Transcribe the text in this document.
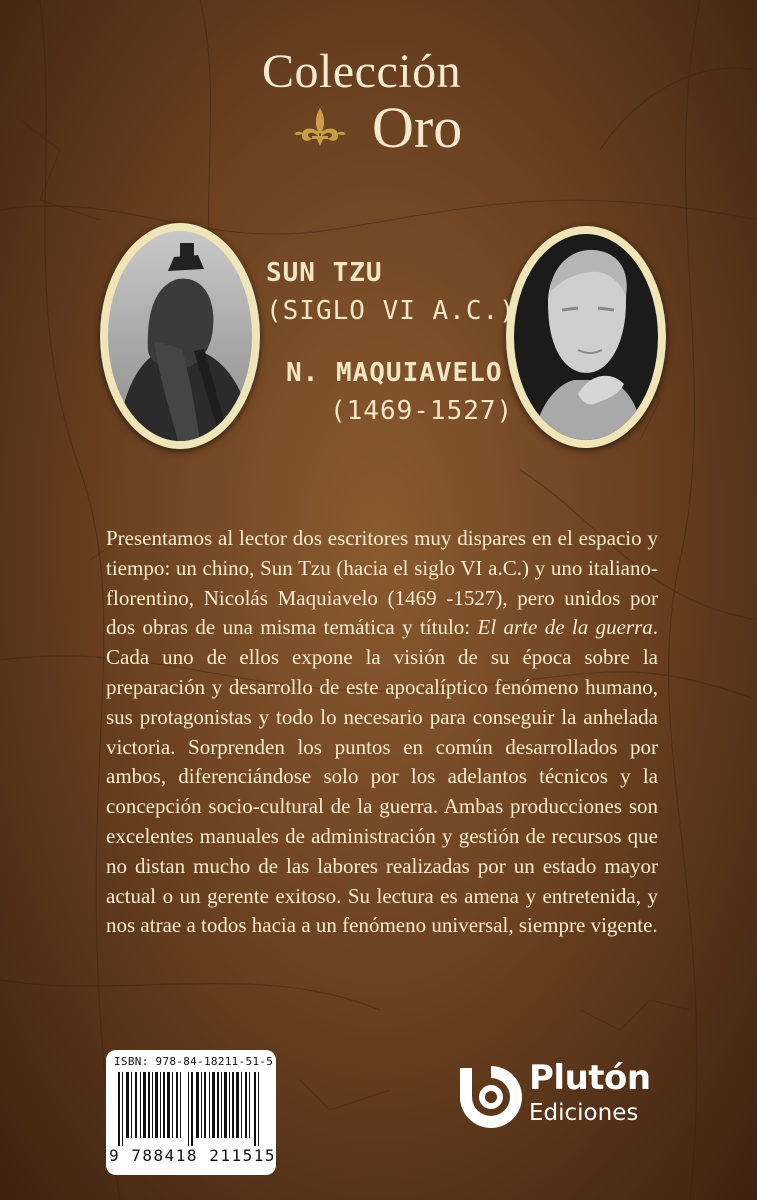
Colección
Oro
SUN TZU
(SIGLO VI A.C.)
N. MAQUIAVELO
(1469-1527)

Presentamos al lector dos escritores muy dispares en el espacio y tiempo: un chino, Sun Tzu (hacia el siglo VI a.C.) y uno italiano-florentino, Nicolás Maquiavelo (1469 -1527), pero unidos por dos obras de una misma temática y título: El arte de la guerra. Cada uno de ellos expone la visión de su época sobre la preparación y desarrollo de este apocalíptico fenómeno humano, sus protagonistas y todo lo necesario para conseguir la anhelada victoria. Sorprenden los puntos en común desarrollados por ambos, diferenciándose solo por los adelantos técnicos y la concepción socio-cultural de la guerra. Ambas producciones son excelentes manuales de administración y gestión de recursos que no distan mucho de las labores realizadas por un estado mayor actual o un gerente exitoso. Su lectura es amena y entretenida, y nos atrae a todos hacia a un fenómeno universal, siempre vigente.

ISBN: 978-84-18211-51-5
9 788418 211515
Plutón
Ediciones
